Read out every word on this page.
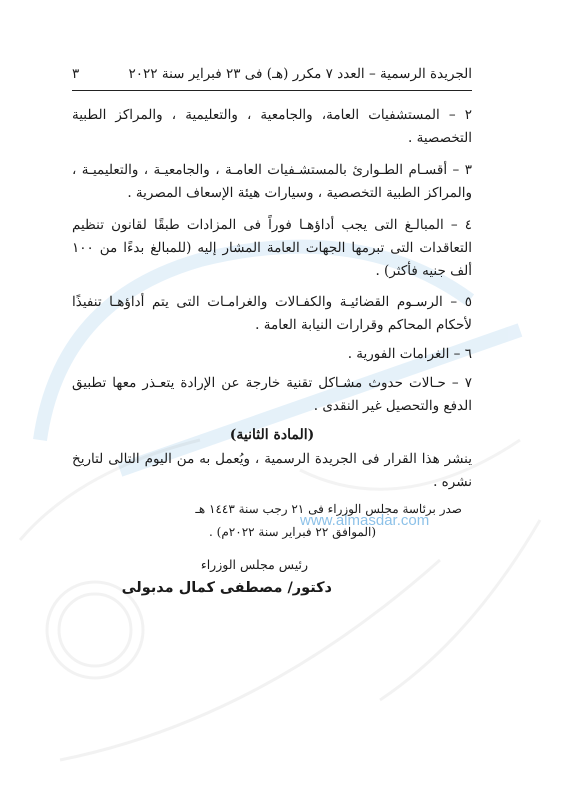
www.almasdar.com
الجريدة الرسمية – العدد ٧ مكرر (هـ) فى ٢٣ فبراير سنة ٢٠٢٢
٣

٢ – المستشفيات العامة، والجامعية ، والتعليمية ، والمراكز الطبية التخصصية .

٣ – أقسـام الطـوارئ بالمستشـفيات العامـة ، والجامعيـة ، والتعليميـة ، والمراكز الطبية التخصصية ، وسيارات هيئة الإسعاف المصرية .

٤ – المبالـغ التى يجب أداؤهـا فوراً فى المزادات طبقًا لقانون تنظيم التعاقدات التى تبرمها الجهات العامة المشار إليه (للمبالغ بدءًا من ١٠٠ ألف جنيه فأكثر) .

٥ – الرسـوم القضائيـة والكفـالات والغرامـات التى يتم أداؤهـا تنفيذًا لأحكام المحاكم وقرارات النيابة العامة .

٦ – الغرامات الفورية .

٧ – حـالات حدوث مشـاكل تقنية خارجة عن الإرادة يتعـذر معها تطبيق الدفع والتحصيل غير النقدى .

(المادة الثانية)

ينشر هذا القرار فى الجريدة الرسمية ، ويُعمل به من اليوم التالى لتاريخ نشره .

صدر برئاسة مجلس الوزراء فى ٢١ رجب سنة ١٤٤٣ هـ

(الموافق ٢٢ فبراير سنة ٢٠٢٢م) .

رئيس مجلس الوزراء

دكتور/ مصطفى كمال مدبولى
